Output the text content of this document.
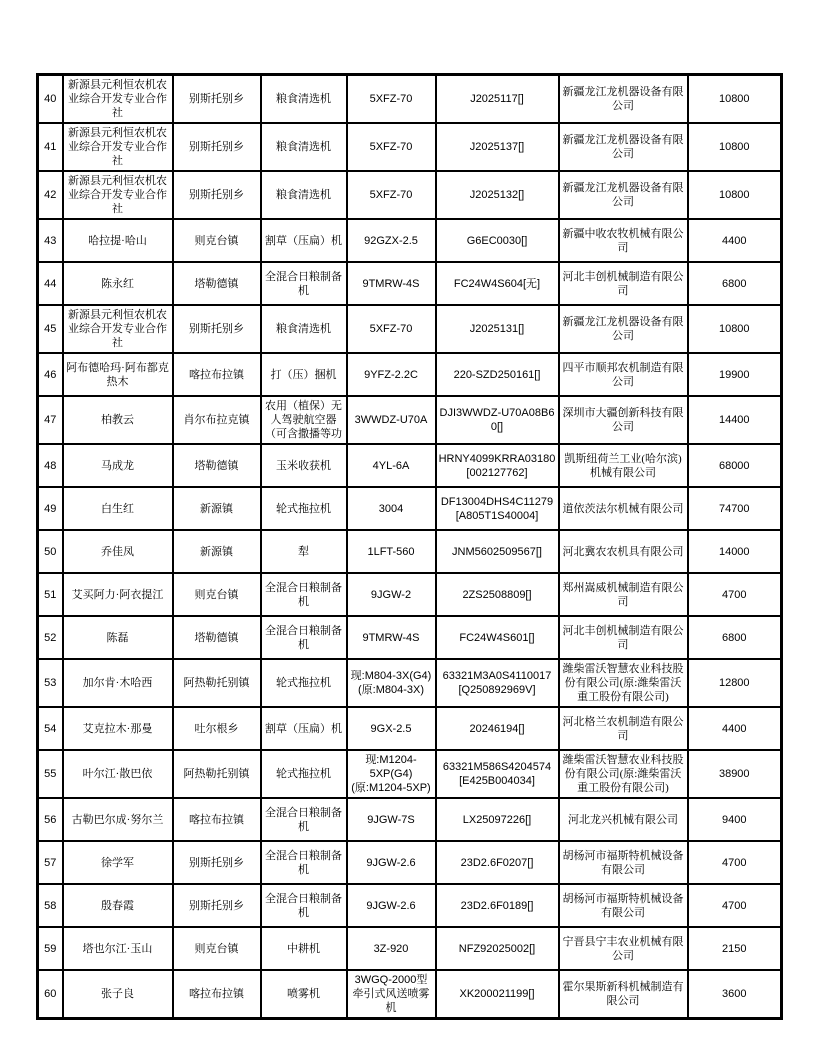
40	新源县元利恒农机农业综合开发专业合作社	别斯托别乡	粮食清选机	5XFZ-70	J2025117[]	新疆龙江龙机器设备有限公司	10800
41	新源县元利恒农机农业综合开发专业合作社	别斯托别乡	粮食清选机	5XFZ-70	J2025137[]	新疆龙江龙机器设备有限公司	10800
42	新源县元利恒农机农业综合开发专业合作社	别斯托别乡	粮食清选机	5XFZ-70	J2025132[]	新疆龙江龙机器设备有限公司	10800
43	哈拉提·哈山	则克台镇	割草（压扁）机	92GZX-2.5	G6EC0030[]	新疆中收农牧机械有限公司	4400
44	陈永红	塔勒德镇	全混合日粮制备机	9TMRW-4S	FC24W4S604[无]	河北丰创机械制造有限公司	6800
45	新源县元利恒农机农业综合开发专业合作社	别斯托别乡	粮食清选机	5XFZ-70	J2025131[]	新疆龙江龙机器设备有限公司	10800
46	阿布德哈玛·阿布都克热木	喀拉布拉镇	打（压）捆机	9YFZ-2.2C	220-SZD250161[]	四平市顺邦农机制造有限公司	19900
47	柏教云	肖尔布拉克镇	农用（植保）无人驾驶航空器（可含撒播等功	3WWDZ-U70A	DJI3WWDZ-U70A08B60[]	深圳市大疆创新科技有限公司	14400
48	马成龙	塔勒德镇	玉米收获机	4YL-6A	HRNY4099KRRA03180[002127762]	凯斯纽荷兰工业(哈尔滨)机械有限公司	68000
49	白生红	新源镇	轮式拖拉机	3004	DF13004DHS4C11279[A805T1S40004]	道依茨法尔机械有限公司	74700
50	乔佳凤	新源镇	犁	1LFT-560	JNM5602509567[]	河北冀农农机具有限公司	14000
51	艾买阿力·阿衣提江	则克台镇	全混合日粮制备机	9JGW-2	2ZS2508809[]	郑州嵩威机械制造有限公司	4700
52	陈磊	塔勒德镇	全混合日粮制备机	9TMRW-4S	FC24W4S601[]	河北丰创机械制造有限公司	6800
53	加尔肯·木哈西	阿热勒托别镇	轮式拖拉机	现:M804-3X(G4)(原:M804-3X)	63321M3A0S4110017[Q250892969V]	潍柴雷沃智慧农业科技股份有限公司(原:潍柴雷沃重工股份有限公司)	12800
54	艾克拉木·那曼	吐尔根乡	割草（压扁）机	9GX-2.5	20246194[]	河北格兰农机制造有限公司	4400
55	叶尔江·散巴依	阿热勒托别镇	轮式拖拉机	现:M1204-5XP(G4)(原:M1204-5XP)	63321M586S4204574[E425B004034]	潍柴雷沃智慧农业科技股份有限公司(原:潍柴雷沃重工股份有限公司)	38900
56	古勒巴尔成·努尔兰	喀拉布拉镇	全混合日粮制备机	9JGW-7S	LX25097226[]	河北龙兴机械有限公司	9400
57	徐学军	别斯托别乡	全混合日粮制备机	9JGW-2.6	23D2.6F0207[]	胡杨河市福斯特机械设备有限公司	4700
58	殷春霞	别斯托别乡	全混合日粮制备机	9JGW-2.6	23D2.6F0189[]	胡杨河市福斯特机械设备有限公司	4700
59	塔也尔江·玉山	则克台镇	中耕机	3Z-920	NFZ92025002[]	宁晋县宁丰农业机械有限公司	2150
60	张子良	喀拉布拉镇	喷雾机	3WGQ-2000型牵引式风送喷雾机	XK200021199[]	霍尔果斯新科机械制造有限公司	3600
